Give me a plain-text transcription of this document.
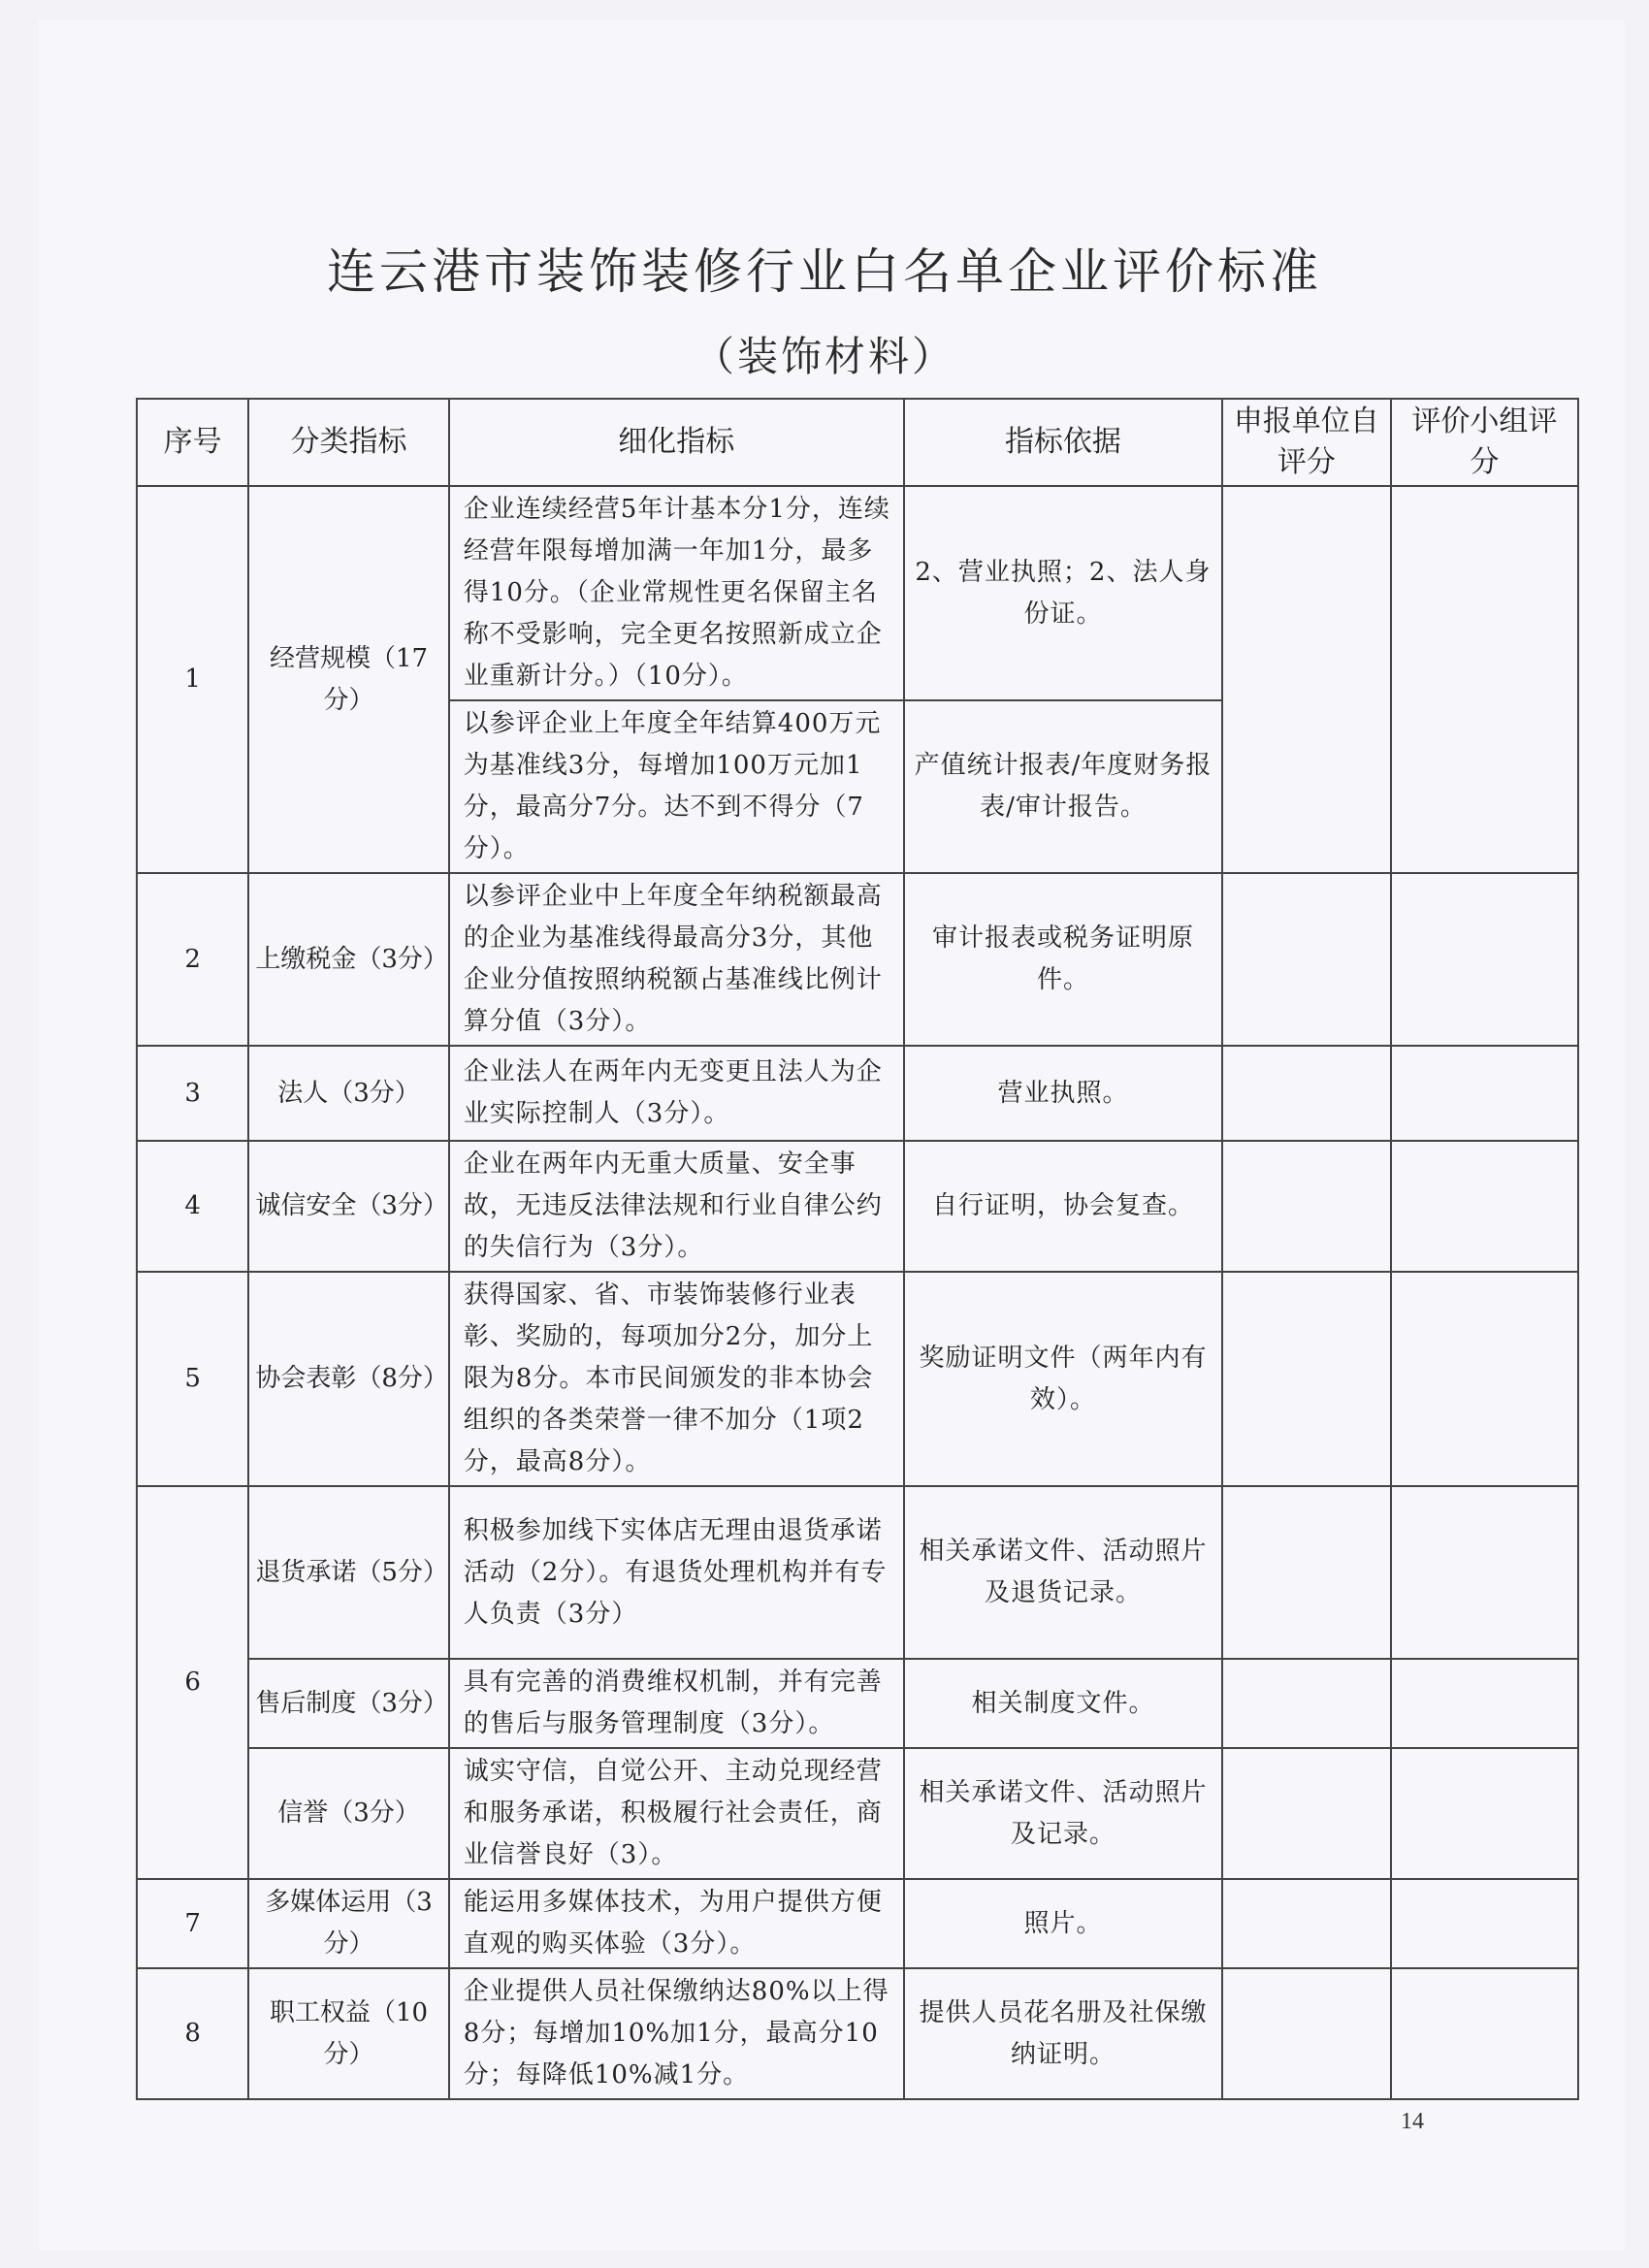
连云港市装饰装修行业白名单企业评价标准
（装饰材料）
序号	分类指标	细化指标	指标依据	申报单位自评分	评价小组评分
1	经营规模（17分）	企业连续经营5年计基本分1分，连续经营年限每增加满一年加1分，最多得10分。（企业常规性更名保留主名称不受影响，完全更名按照新成立企业重新计分。）（10分）。	2、营业执照；2、法人身份证。		
		以参评企业上年度全年结算400万元为基准线3分，每增加100万元加1分，最高分7分。达不到不得分（7分）。	产值统计报表/年度财务报表/审计报告。		
2	上缴税金（3分）	以参评企业中上年度全年纳税额最高的企业为基准线得最高分3分，其他企业分值按照纳税额占基准线比例计算分值（3分）。	审计报表或税务证明原件。		
3	法人（3分）	企业法人在两年内无变更且法人为企业实际控制人（3分）。	营业执照。		
4	诚信安全（3分）	企业在两年内无重大质量、安全事故，无违反法律法规和行业自律公约的失信行为（3分）。	自行证明，协会复查。		
5	协会表彰（8分）	获得国家、省、市装饰装修行业表彰、奖励的，每项加分2分，加分上限为8分。本市民间颁发的非本协会组织的各类荣誉一律不加分（1项2分，最高8分）。	奖励证明文件（两年内有效）。		
6	退货承诺（5分）	积极参加线下实体店无理由退货承诺活动（2分）。有退货处理机构并有专人负责（3分）	相关承诺文件、活动照片及退货记录。		
	售后制度（3分）	具有完善的消费维权机制，并有完善的售后与服务管理制度（3分）。	相关制度文件。		
	信誉（3分）	诚实守信，自觉公开、主动兑现经营和服务承诺，积极履行社会责任，商业信誉良好（3）。	相关承诺文件、活动照片及记录。		
7	多媒体运用（3分）	能运用多媒体技术，为用户提供方便直观的购买体验（3分）。	照片。		
8	职工权益（10分）	企业提供人员社保缴纳达80%以上得8分；每增加10%加1分，最高分10分；每降低10%减1分。	提供人员花名册及社保缴纳证明。		
14
